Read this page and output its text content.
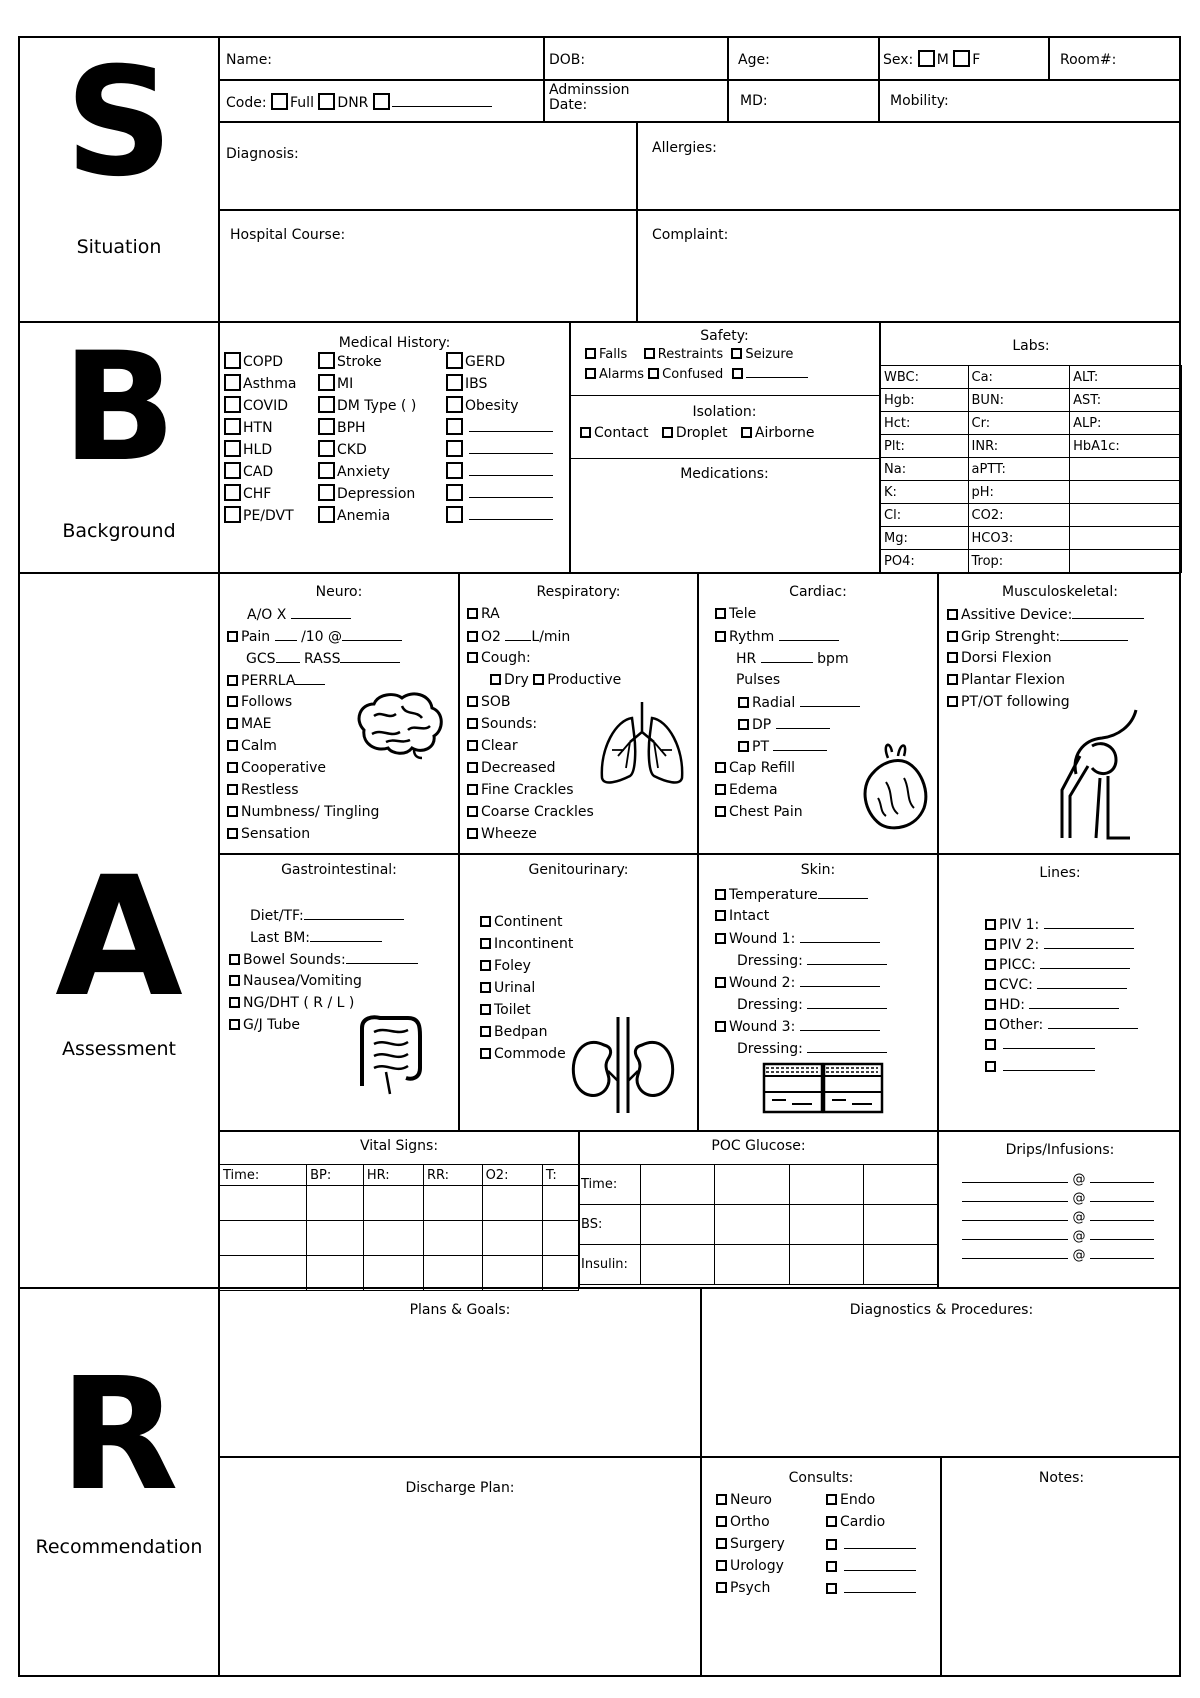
S
Situation
B
Background
A
Assessment
R
Recommendation
Name:	DOB:	Age:	Sex: M F	Room#:
Code: Full DNR
Adminssion
Date:	MD:	Mobility:
Diagnosis:	Allergies:
Hospital Course:	Complaint:
Medical History:
COPD
Asthma
COVID
HTN
HLD
CAD
CHF
PE/DVT
Stroke
MI
DM Type ( )
BPH
CKD
Anxiety
Depression
Anemia
GERD
IBS
Obesity

Safety:
Falls Restraints Seizure
Alarms Confused
Isolation:
Contact Droplet Airborne
Medications:
Labs:
WBC:	Ca:	ALT:
Hgb:	BUN:	AST:
Hct:	Cr:	ALP:
Plt:	INR:	HbA1c:
Na:	aPTT:	
K:	pH:	
Cl:	CO2:	
Mg:	HCO3:	
PO4:	Trop:	
Neuro:
A/O X
Pain /10 @
GCS RASS
PERRLA
Follows
MAE
Calm
Cooperative
Restless
Numbness/ Tingling
Sensation
Respiratory:
RA
O2 L/min
Cough:
Dry Productive
SOB
Sounds:
Clear
Decreased
Fine Crackles
Coarse Crackles
Wheeze
Cardiac:
Tele
Rythm
HR	bpm
Pulses
Radial
DP
PT
Cap Refill
Edema
Chest Pain
Musculoskeletal:
Assitive Device:
Grip Strenght:
Dorsi Flexion
Plantar Flexion
PT/OT following
Gastrointestinal:
Diet/TF:
Last BM:
Bowel Sounds:
Nausea/Vomiting
NG/DHT ( R / L )
G/J Tube
Genitourinary:
Continent
Incontinent
Foley
Urinal
Toilet
Bedpan
Commode
Skin:
Temperature
Intact
Wound 1:
Dressing:
Wound 2:
Dressing:
Wound 3:
Dressing:
Lines:
PIV 1:
PIV 2:
PICC:
CVC:
HD:
Other:

Vital Signs:
Time:	BP:	HR:	RR:	O2:	T:

POC Glucose:
Time:				
BS:				
Insulin:				
Drips/Infusions:
@
@
@
@
@
Plans & Goals:	Diagnostics & Procedures:
Discharge Plan:
Consults:
Neuro
Ortho
Surgery
Urology
Psych
Endo
Cardio

Notes:
